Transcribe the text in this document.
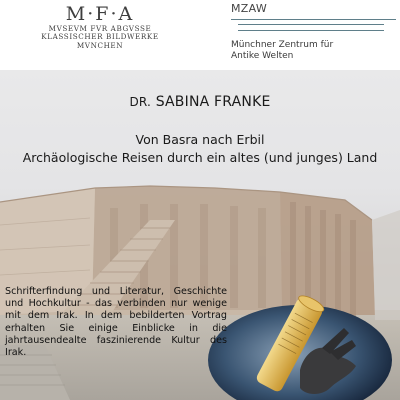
M·F·A
MVSEVM FVR ABGVSSE
KLASSISCHER BILDWERKE
MVNCHEN
MZAW
Münchner Zentrum für
Antike Welten
DR. SABINA FRANKE
Von Basra nach Erbil
Archäologische Reisen durch ein altes (und junges) Land
Schrifterfindung und Literatur, Geschichte und Hochkultur - das verbinden nur wenige mit dem Irak. In dem bebilderten Vortrag erhalten Sie einige Einblicke in die jahrtausendealte faszinierende Kultur des Irak.
